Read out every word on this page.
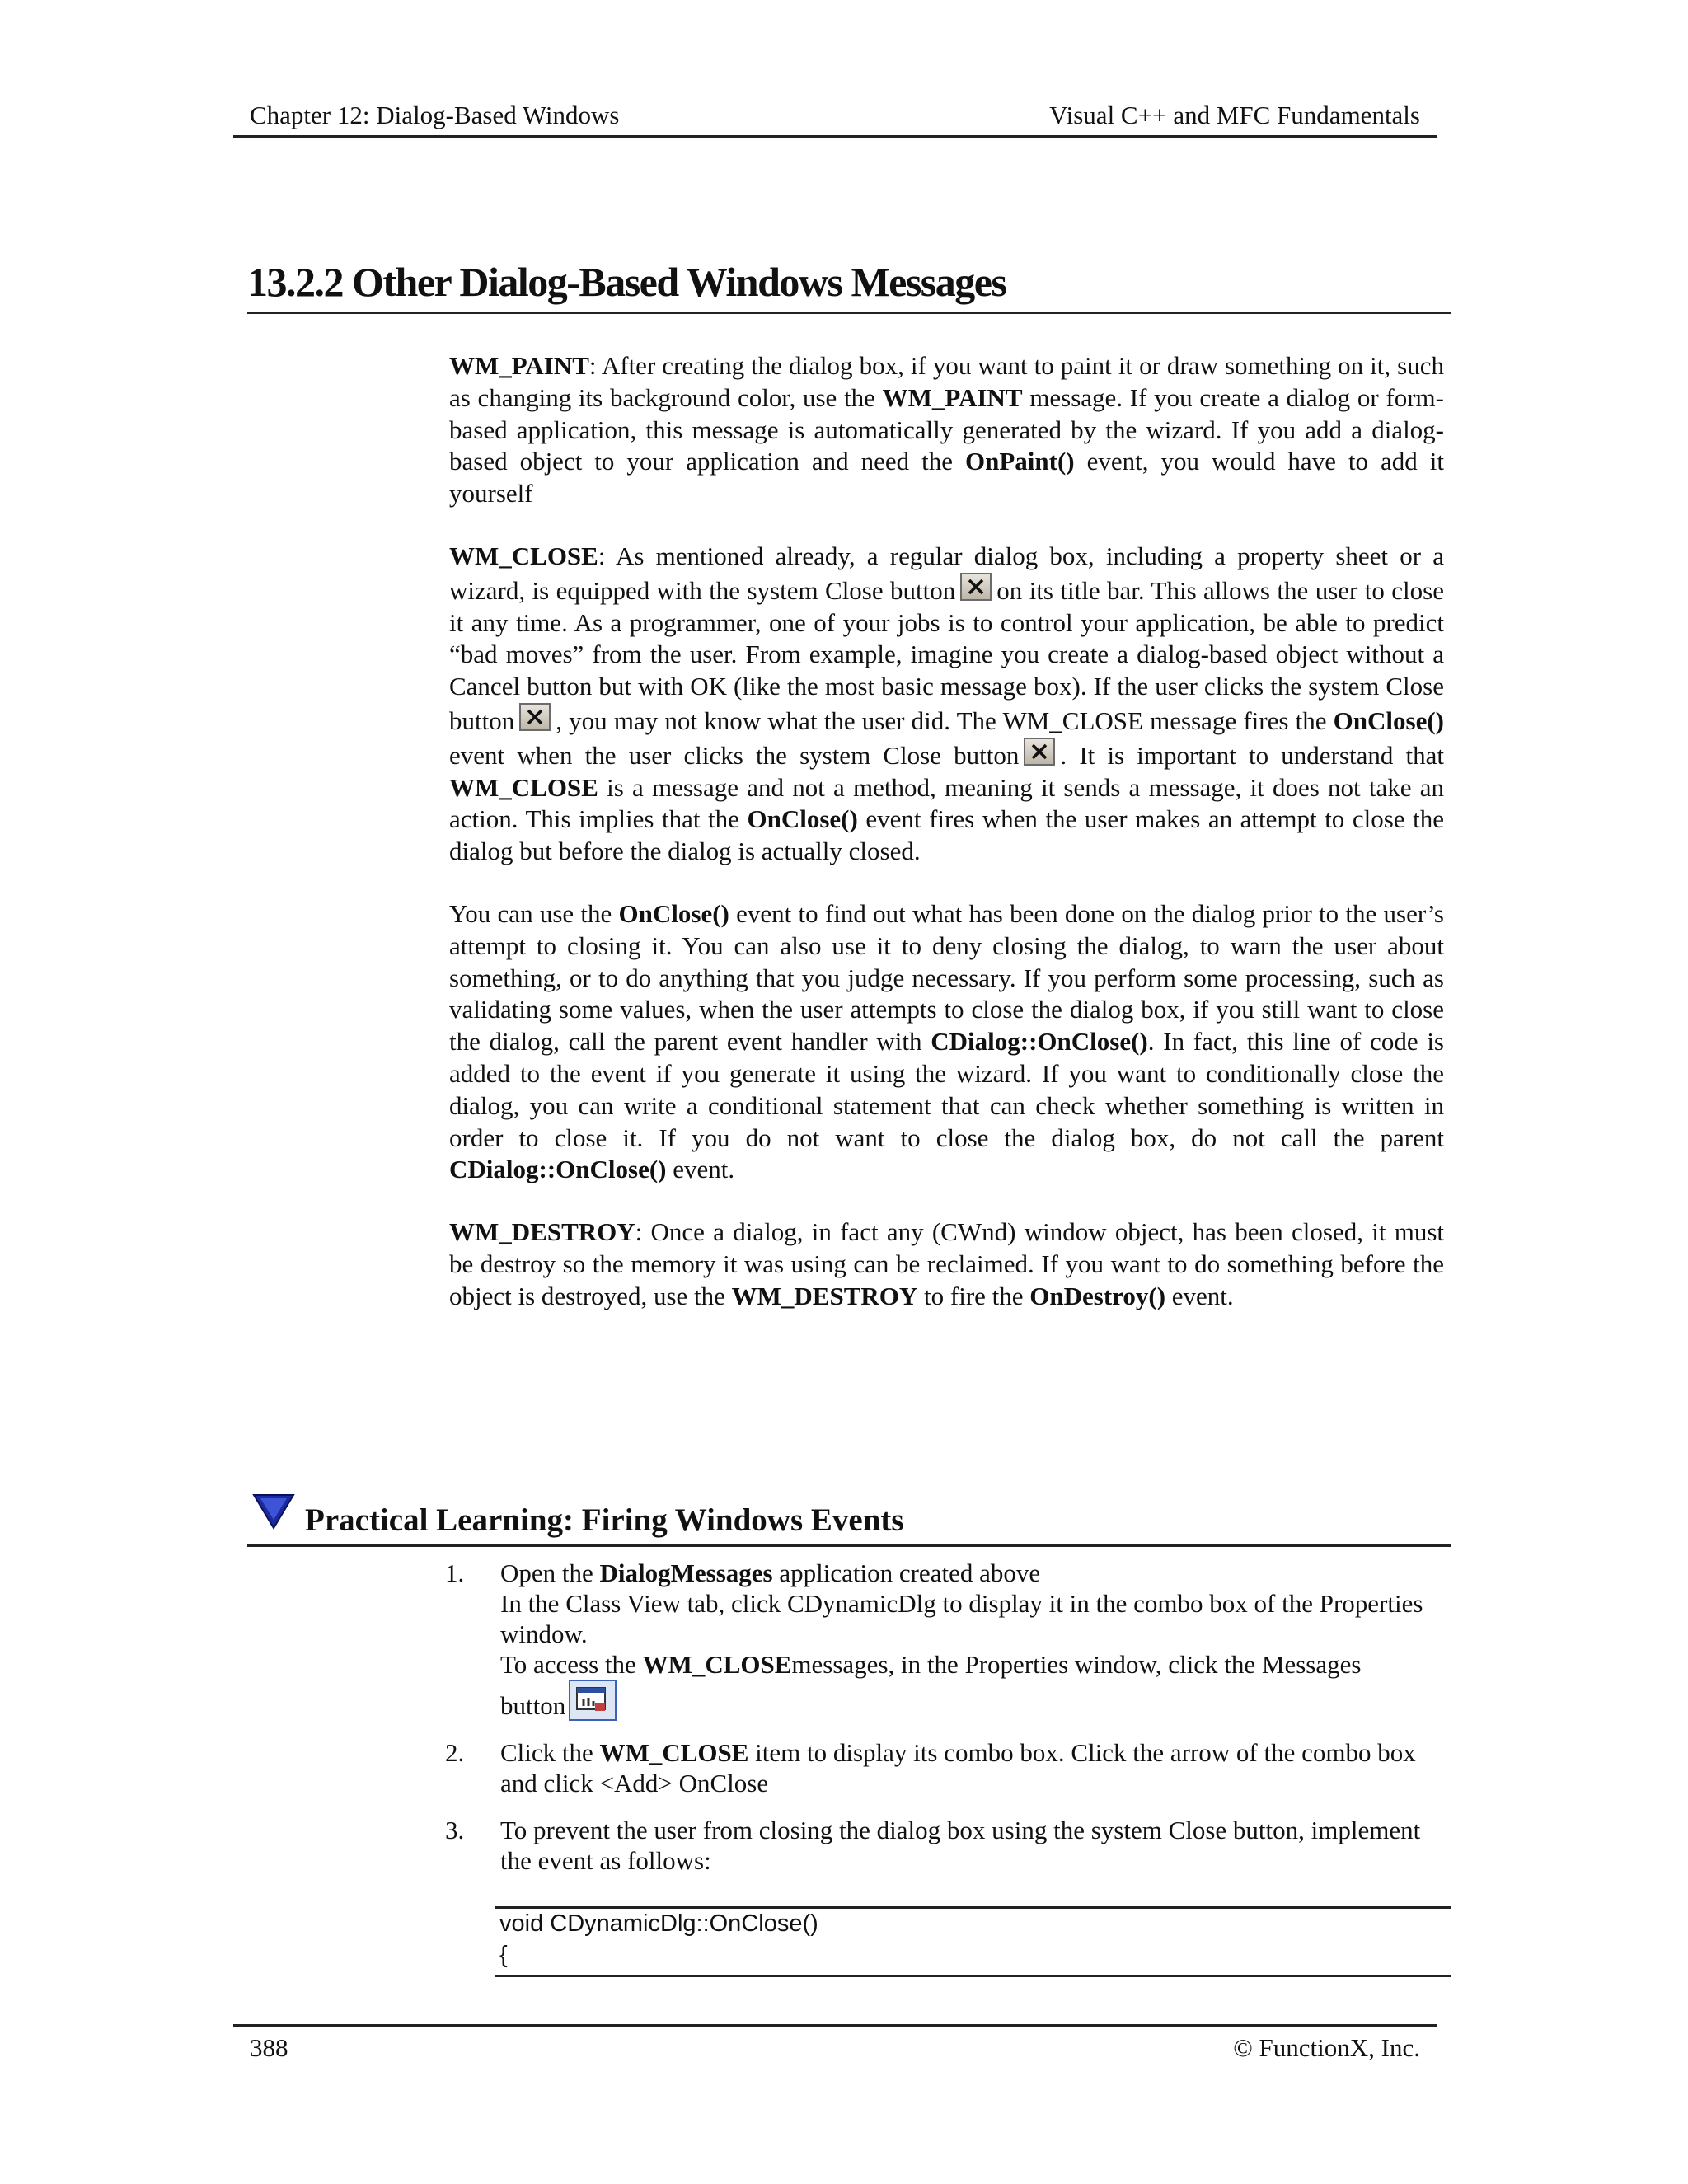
Chapter 12: Dialog-Based Windows	Visual C++ and MFC Fundamentals
13.2.2 Other Dialog-Based Windows Messages

WM_PAINT: After creating the dialog box, if you want to paint it or draw something on it, such as changing its background color, use the WM_PAINT message. If you create a dialog or form-based application, this message is automatically generated by the wizard. If you add a dialog-based object to your application and need the OnPaint() event, you would have to add it yourself

WM_CLOSE: As mentioned already, a regular dialog box, including a property sheet or a wizard, is equipped with the system Close button on its title bar. This allows the user to close it any time. As a programmer, one of your jobs is to control your application, be able to predict “bad moves” from the user. From example, imagine you create a dialog-based object without a Cancel button but with OK (like the most basic message box). If the user clicks the system Close button , you may not know what the user did. The WM_CLOSE message fires the OnClose() event when the user clicks the system Close button . It is important to understand that WM_CLOSE is a message and not a method, meaning it sends a message, it does not take an action. This implies that the OnClose() event fires when the user makes an attempt to close the dialog but before the dialog is actually closed.

You can use the OnClose() event to find out what has been done on the dialog prior to the user’s attempt to closing it. You can also use it to deny closing the dialog, to warn the user about something, or to do anything that you judge necessary. If you perform some processing, such as validating some values, when the user attempts to close the dialog box, if you still want to close the dialog, call the parent event handler with CDialog::OnClose(). In fact, this line of code is added to the event if you generate it using the wizard. If you want to conditionally close the dialog, you can write a conditional statement that can check whether something is written in order to close it. If you do not want to close the dialog box, do not call the parent CDialog::OnClose() event.

WM_DESTROY: Once a dialog, in fact any (CWnd) window object, has been closed, it must be destroy so the memory it was using can be reclaimed. If you want to do something before the object is destroyed, use the WM_DESTROY to fire the OnDestroy() event.

Practical Learning: Firing Windows Events
1. Open the DialogMessages application created above
In the Class View tab, click CDynamicDlg to display it in the combo box of the Properties window.
To access the WM_CLOSEmessages, in the Properties window, click the Messages
button
2. Click the WM_CLOSE item to display its combo box. Click the arrow of the combo box and click <Add> OnClose
3. To prevent the user from closing the dialog box using the system Close button, implement the event as follows:
void CDynamicDlg::OnClose()
{
388	© FunctionX, Inc.
